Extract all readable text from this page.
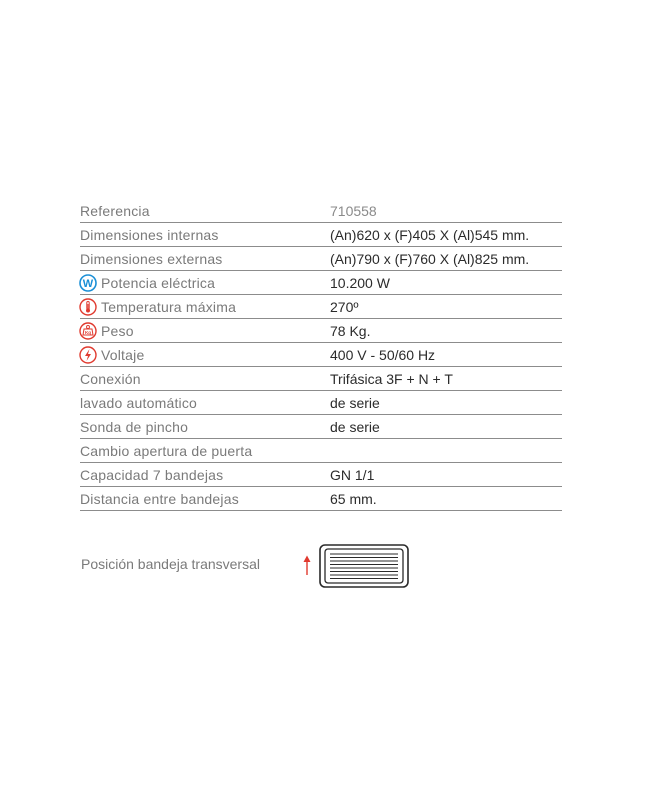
Referencia	710558
Dimensiones internas	(An)620 x (F)405 X (Al)545 mm.
Dimensiones externas	(An)790 x (F)760 X (Al)825 mm.
W Potencia eléctrica	10.200 W
Temperatura máxima	270º
Kg Peso	78 Kg.
Voltaje	400 V - 50/60 Hz
Conexión	Trifásica 3F + N + T
lavado automático	de serie
Sonda de pincho	de serie
Cambio apertura de puerta
Capacidad 7 bandejas	GN 1/1
Distancia entre bandejas	65 mm.
Posición bandeja transversal
